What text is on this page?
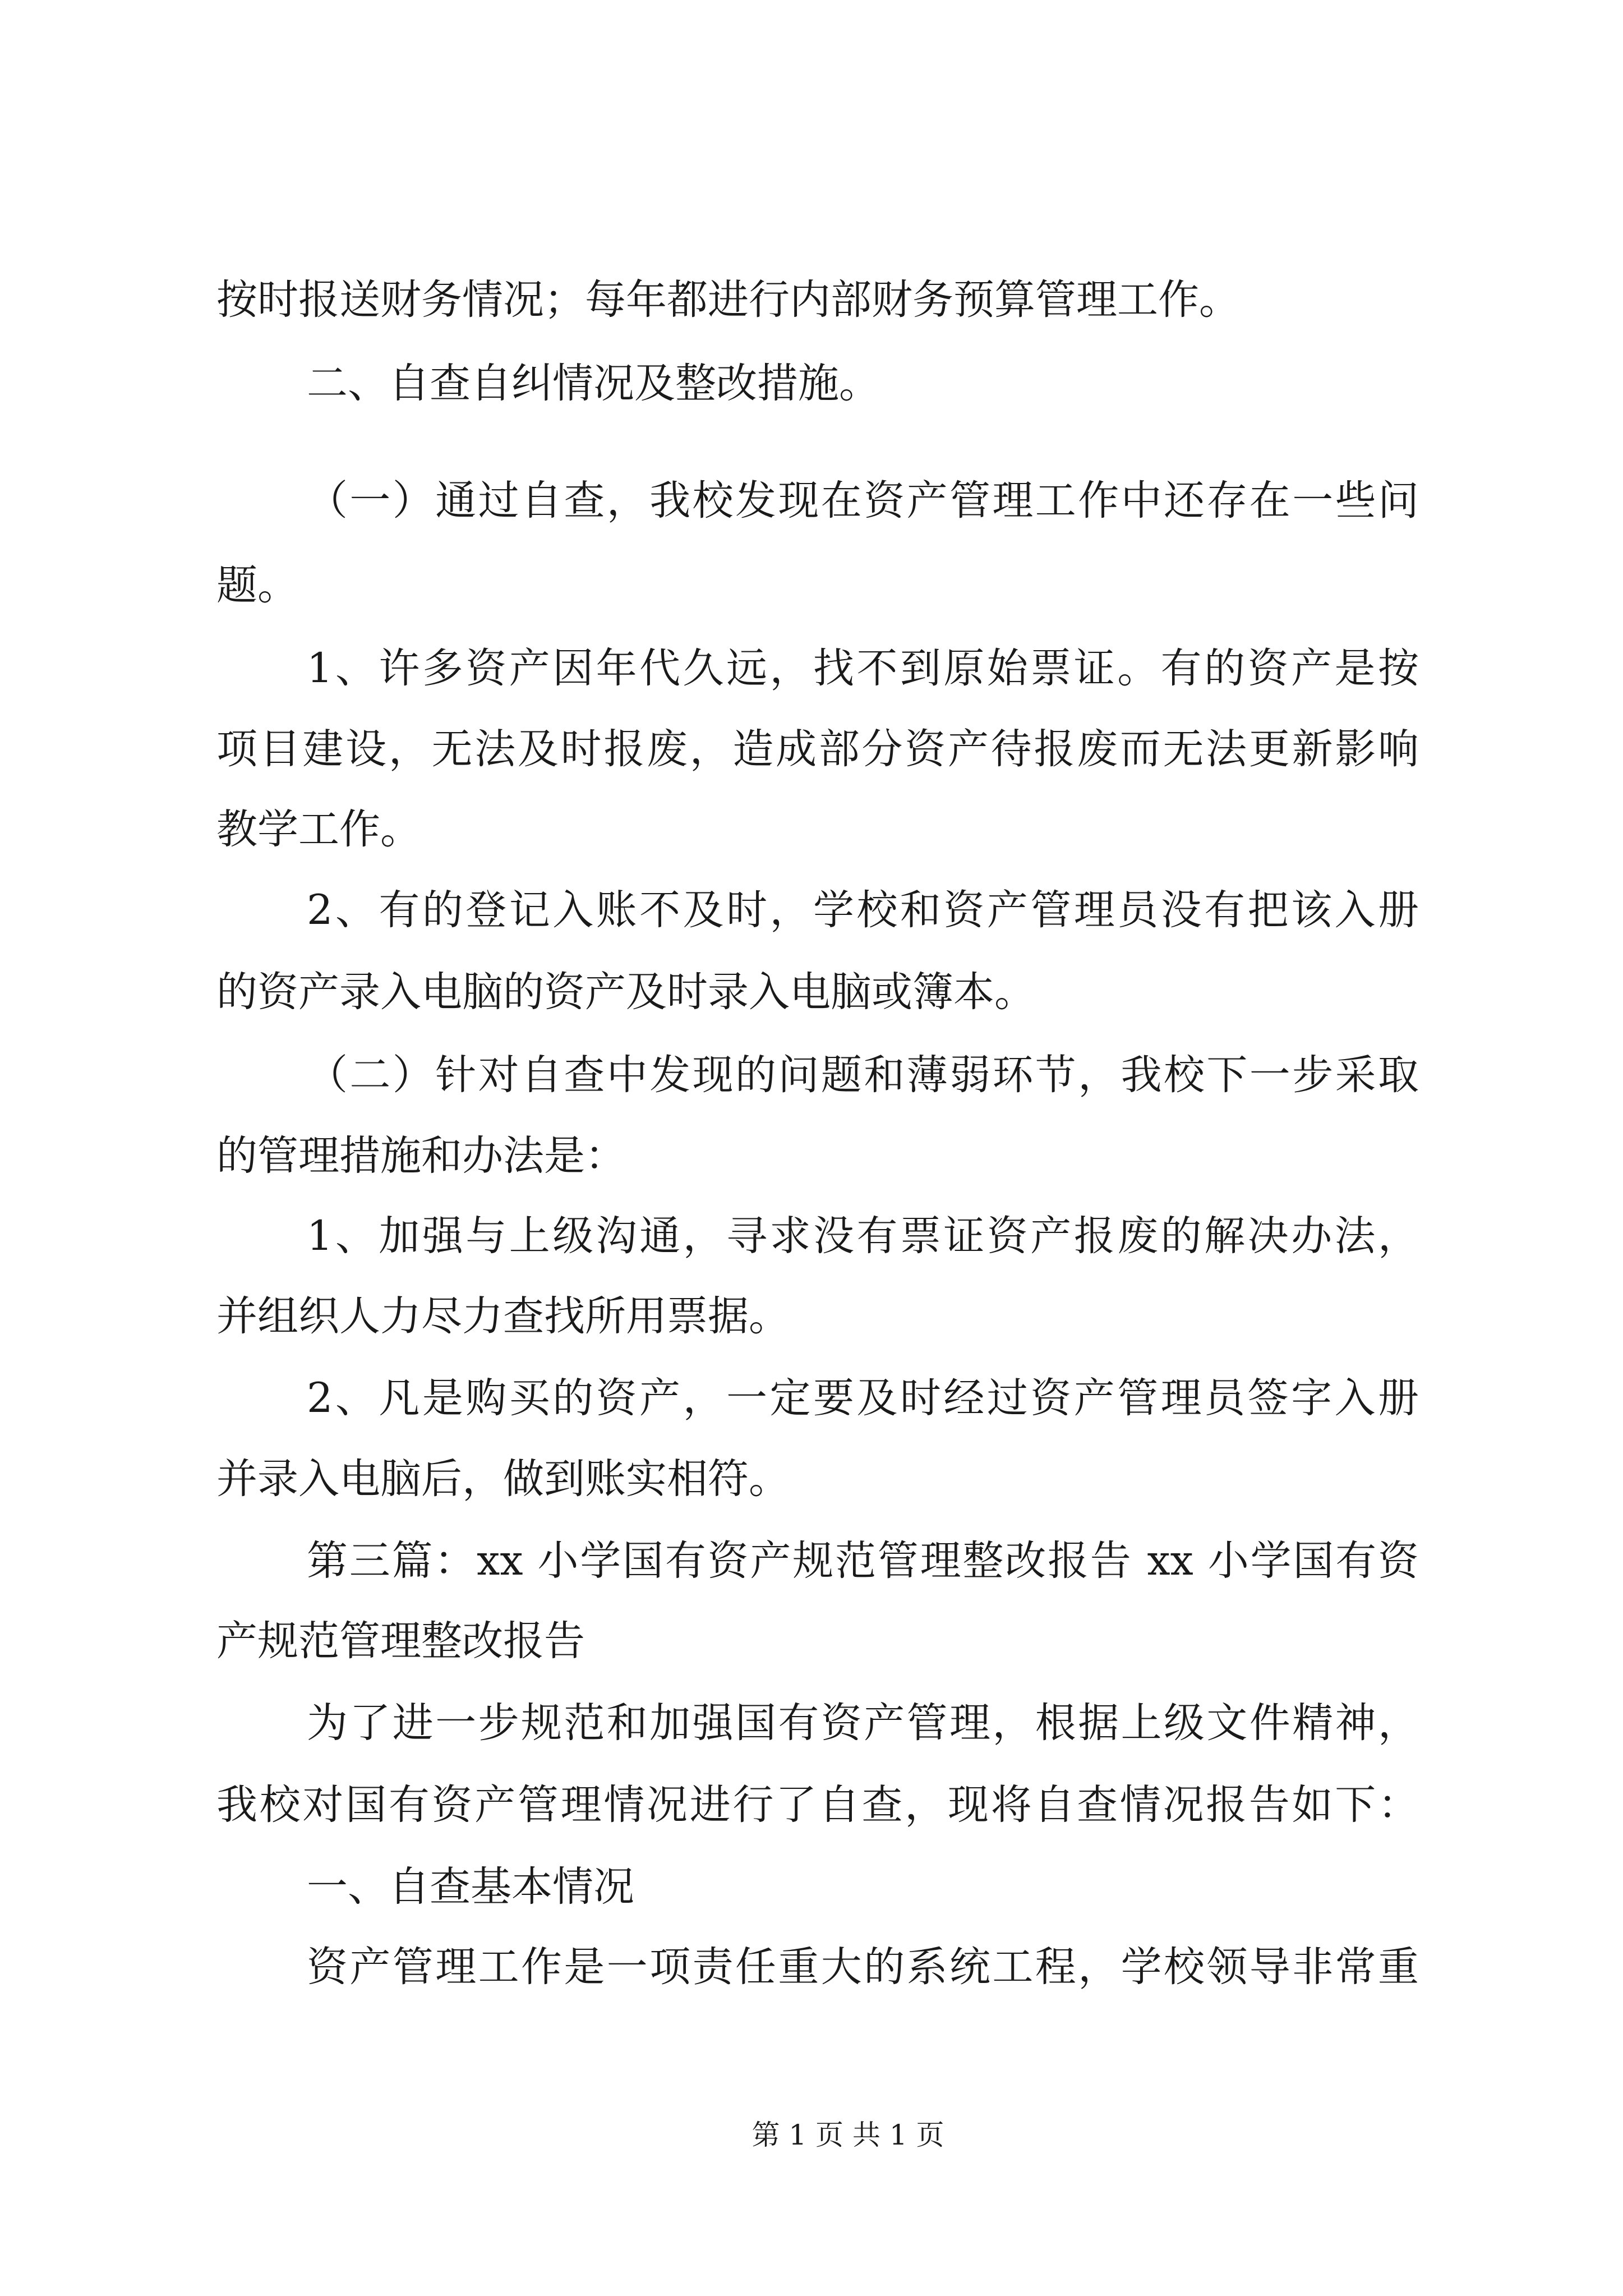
按时报送财务情况；每年都进行内部财务预算管理工作。
二、自查自纠情况及整改措施。
（一）通过自查，我校发现在资产管理工作中还存在一些问
题。
1、许多资产因年代久远，找不到原始票证。有的资产是按
项目建设，无法及时报废，造成部分资产待报废而无法更新影响
教学工作。
2、有的登记入账不及时，学校和资产管理员没有把该入册
的资产录入电脑的资产及时录入电脑或簿本。
（二）针对自查中发现的问题和薄弱环节，我校下一步采取
的管理措施和办法是：
1、加强与上级沟通，寻求没有票证资产报废的解决办法，
并组织人力尽力查找所用票据。
2、凡是购买的资产，一定要及时经过资产管理员签字入册
并录入电脑后，做到账实相符。
第三篇：xx 小学国有资产规范管理整改报告 xx 小学国有资
产规范管理整改报告
为了进一步规范和加强国有资产管理，根据上级文件精神，
我校对国有资产管理情况进行了自查，现将自查情况报告如下：
一、自查基本情况
资产管理工作是一项责任重大的系统工程，学校领导非常重
第 1 页 共 1 页
